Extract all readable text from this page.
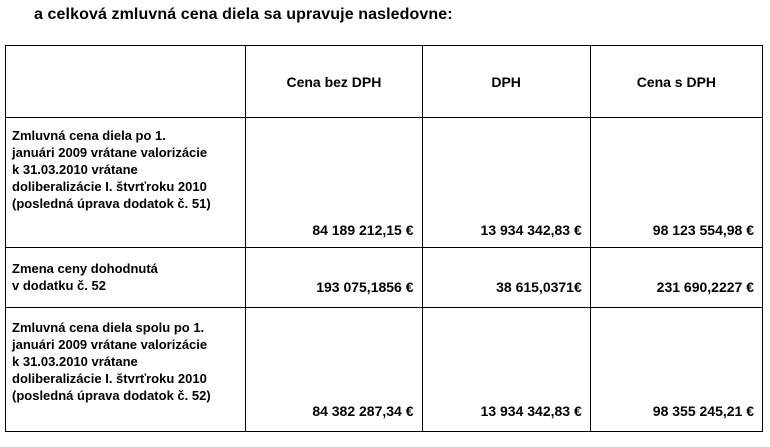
a celková zmluvná cena diela sa upravuje nasledovne:
	Cena bez DPH	DPH	Cena s DPH

Zmluvná cena diela po 1.
januári 2009 vrátane valorizácie
k 31.03.2010 vrátane
doliberalizácie I. štvrťroku 2010
(posledná úprava dodatok č. 51)	84 189 212,15 €	13 934 342,83 €	98 123 554,98 €

Zmena ceny dohodnutá
v dodatku č. 52	193 075,1856 €	38 615,0371€	231 690,2227 €

Zmluvná cena diela spolu po 1.
januári 2009 vrátane valorizácie
k 31.03.2010 vrátane
doliberalizácie I. štvrťroku 2010
(posledná úprava dodatok č. 52)	84 382 287,34 €	13 934 342,83 €	98 355 245,21 €
